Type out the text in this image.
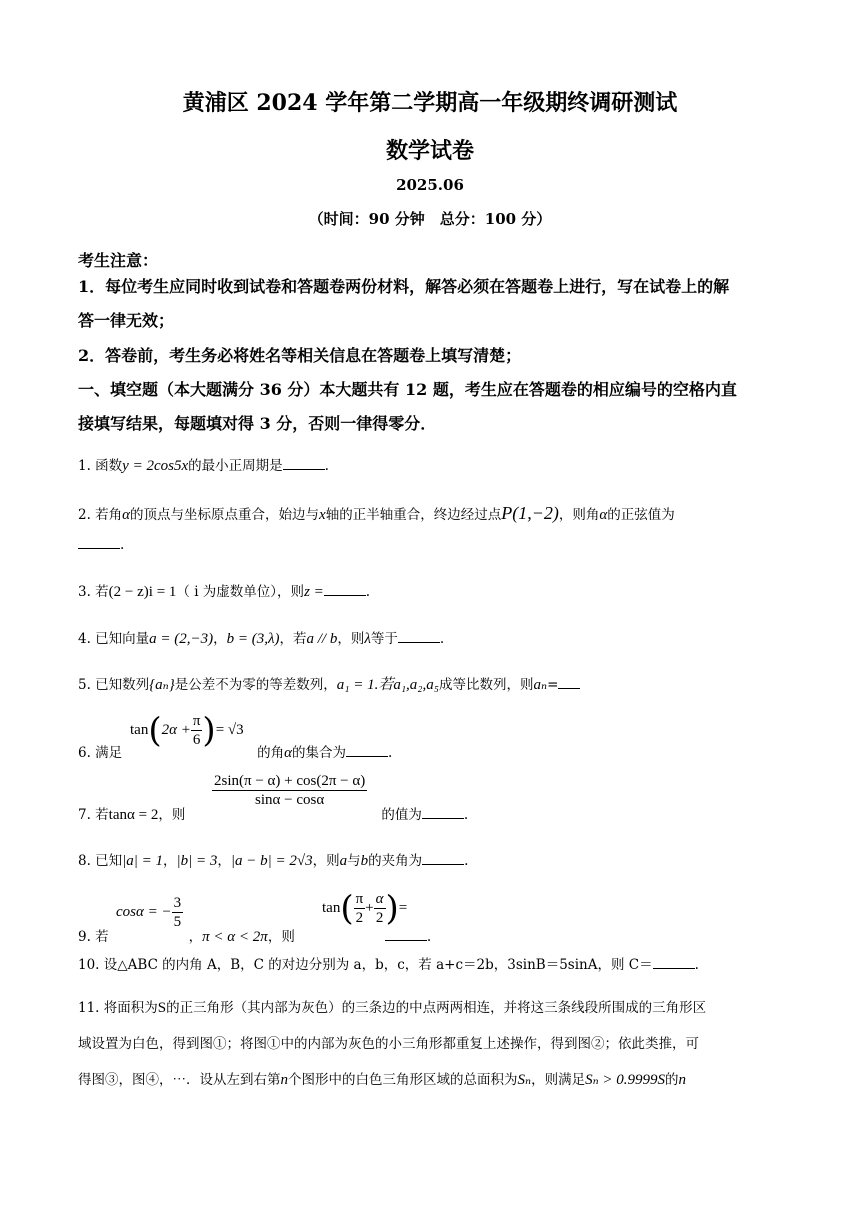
黄浦区 2024 学年第二学期高一年级期终调研测试
数学试卷
2025.06
（时间：90 分钟　总分：100 分）
考生注意：
1．每位考生应同时收到试卷和答题卷两份材料，解答必须在答题卷上进行，写在试卷上的解
答一律无效；
2．答卷前，考生务必将姓名等相关信息在答题卷上填写清楚；
一、填空题（本大题满分 36 分）本大题共有 12 题，考生应在答题卷的相应编号的空格内直
接填写结果，每题填对得 3 分，否则一律得零分．
1. 函数y = 2cos5x的最小正周期是	.
2. 若角α的顶点与坐标原点重合，始边与x轴的正半轴重合，终边经过点P(1,−2)，则角α的正弦值为
.
3. 若(2 − z)i = 1（ i 为虚数单位），则z =	.
4. 已知向量a = (2,−3)，b = (3,λ)，若a // b，则λ等于	.
5. 已知数列{aₙ}是公差不为零的等差数列，a₁ = 1.若a₁,a₂,a₅成等比数列，则aₙ=
$\tan(2\alpha + \frac{\pi}{6}$ )= √3
6. 满足	的角α的集合为	.
$\frac{2\sin(\pi - \alpha) + \cos(2\pi - \alpha)}{\sin\alpha - \cos\alpha}$
7. 若tanα = 2，则	的值为	.
8. 已知|a| = 1，|b| = 3，|a − b| = 2√3，则a与b的夹角为	.
cosα = − $\frac{3}{5}$	$\tan( \frac{\pi}{2} + \frac{\alpha}{2}$ )=
9. 若	，π < α < 2π，则	.
10. 设△ABC 的内角 A，B，C 的对边分别为 a，b，c，若 a+c＝2b，3sinB＝5sinA，则 C＝	.
11. 将面积为S的正三角形（其内部为灰色）的三条边的中点两两相连，并将这三条线段所围成的三角形区
域设置为白色，得到图①；将图①中的内部为灰色的小三角形都重复上述操作，得到图②；依此类推，可
得图③，图④，⋯．设从左到右第n个图形中的白色三角形区域的总面积为Sₙ，则满足Sₙ > 0.9999S的n
